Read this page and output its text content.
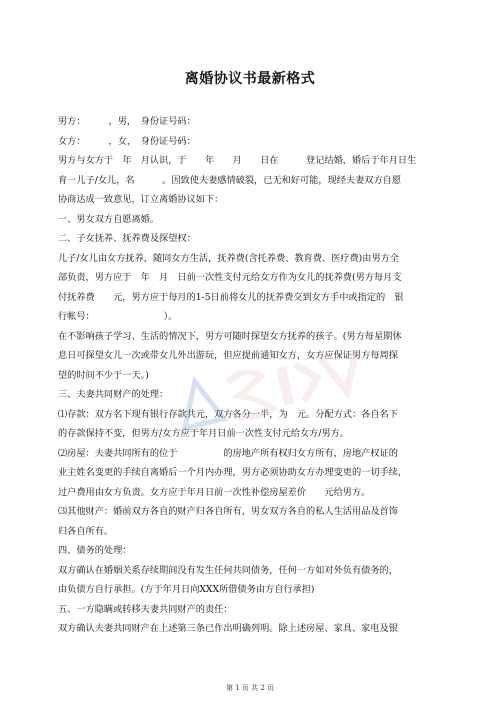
离婚协议书最新格式
男方：　　　，男，　身份证号码：
女方：　　　，女，　身份证号码：
男方与女方于　年　月认识，于　　年　　月　　日在　　　登记结婚，婚后于年月日生
育一儿子/女儿，名　　　。因致使夫妻感情破裂，已无和好可能，现经夫妻双方自愿
协商达成一致意见，订立离婚协议如下：
一、男女双方自愿离婚。
二、子女抚养、抚养费及探望权：
儿子/女儿由女方抚养，随同女方生活，抚养费(含托养费、教育费、医疗费)由男方全
部负责，男方应于　年　月　日前一次性支付元给女方作为女儿的抚养费(男方每月支
付抚养费　　元，男方应于每月的1-5日前将女儿的抚养费交到女方手中或指定的　银
行帐号：　　　　　　　　）。
在不影响孩子学习、生活的情况下，男方可随时探望女方抚养的孩子。(男方每星期休
息日可探望女儿一次或带女儿外出游玩，但应提前通知女方，女方应保证男方每周探
望的时间不少于一天。)
三、夫妻共同财产的处理：
⑴存款：双方名下现有银行存款共元，双方各分一半，为　元。分配方式：各自名下
的存款保持不变，但男方/女方应于年月日前一次性支付元给女方/男方。
⑵房屋：夫妻共同所有的位于　　　　　的房地产所有权归女方所有，房地产权证的
业主姓名变更的手续自离婚后一个月内办理，男方必须协助女方办理变更的一切手续，
过户费用由女方负责。女方应于年月日前一次性补偿房屋差价　　元给男方。
⑶其他财产：婚前双方各自的财产归各自所有，男女双方各自的私人生活用品及首饰
归各自所有。
四、债务的处理：
双方确认在婚姻关系存续期间没有发生任何共同债务，任何一方如对外负有债务的，
由负债方自行承担。(方于年月日向XXX所借债务由方自行承担)
五、一方隐瞒或转移夫妻共同财产的责任：
双方确认夫妻共同财产在上述第三条已作出明确列明。除上述房屋、家具、家电及银
第 1 页 共 2 页
